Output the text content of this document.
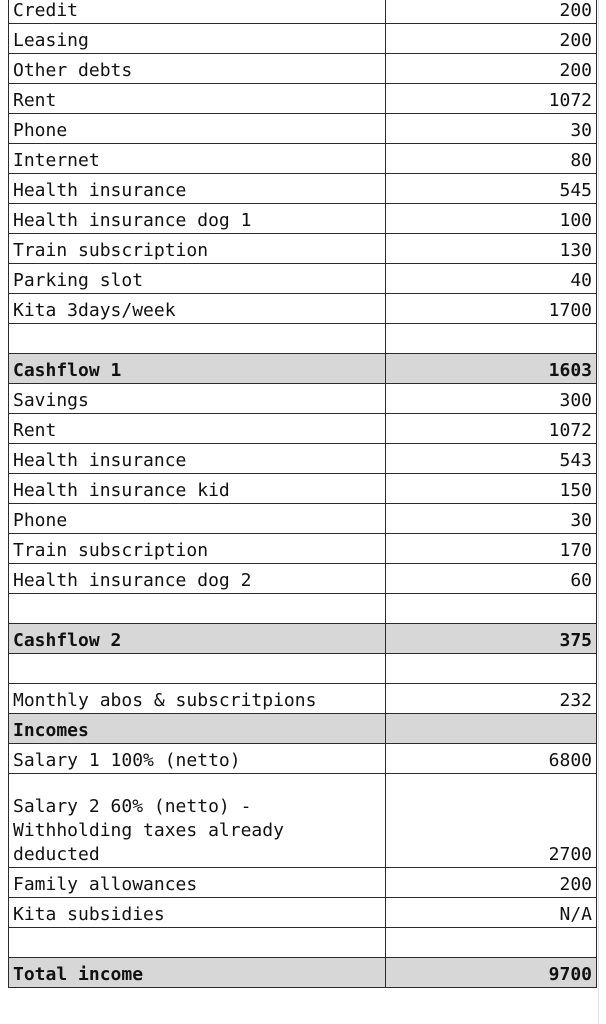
Credit	200
Leasing	200
Other debts	200
Rent	1072
Phone	30
Internet	80
Health insurance	545
Health insurance dog 1	100
Train subscription	130
Parking slot	40
Kita 3days/week	1700

Cashflow 1	1603
Savings	300
Rent	1072
Health insurance	543
Health insurance kid	150
Phone	30
Train subscription	170
Health insurance dog 2	60

Cashflow 2	375

Monthly abos & subscritpions	232
Incomes	
Salary 1 100% (netto)	6800
Salary 2 60% (netto) -
Withholding taxes already
deducted	2700
Family allowances	200
Kita subsidies	N/A

Total income	9700
